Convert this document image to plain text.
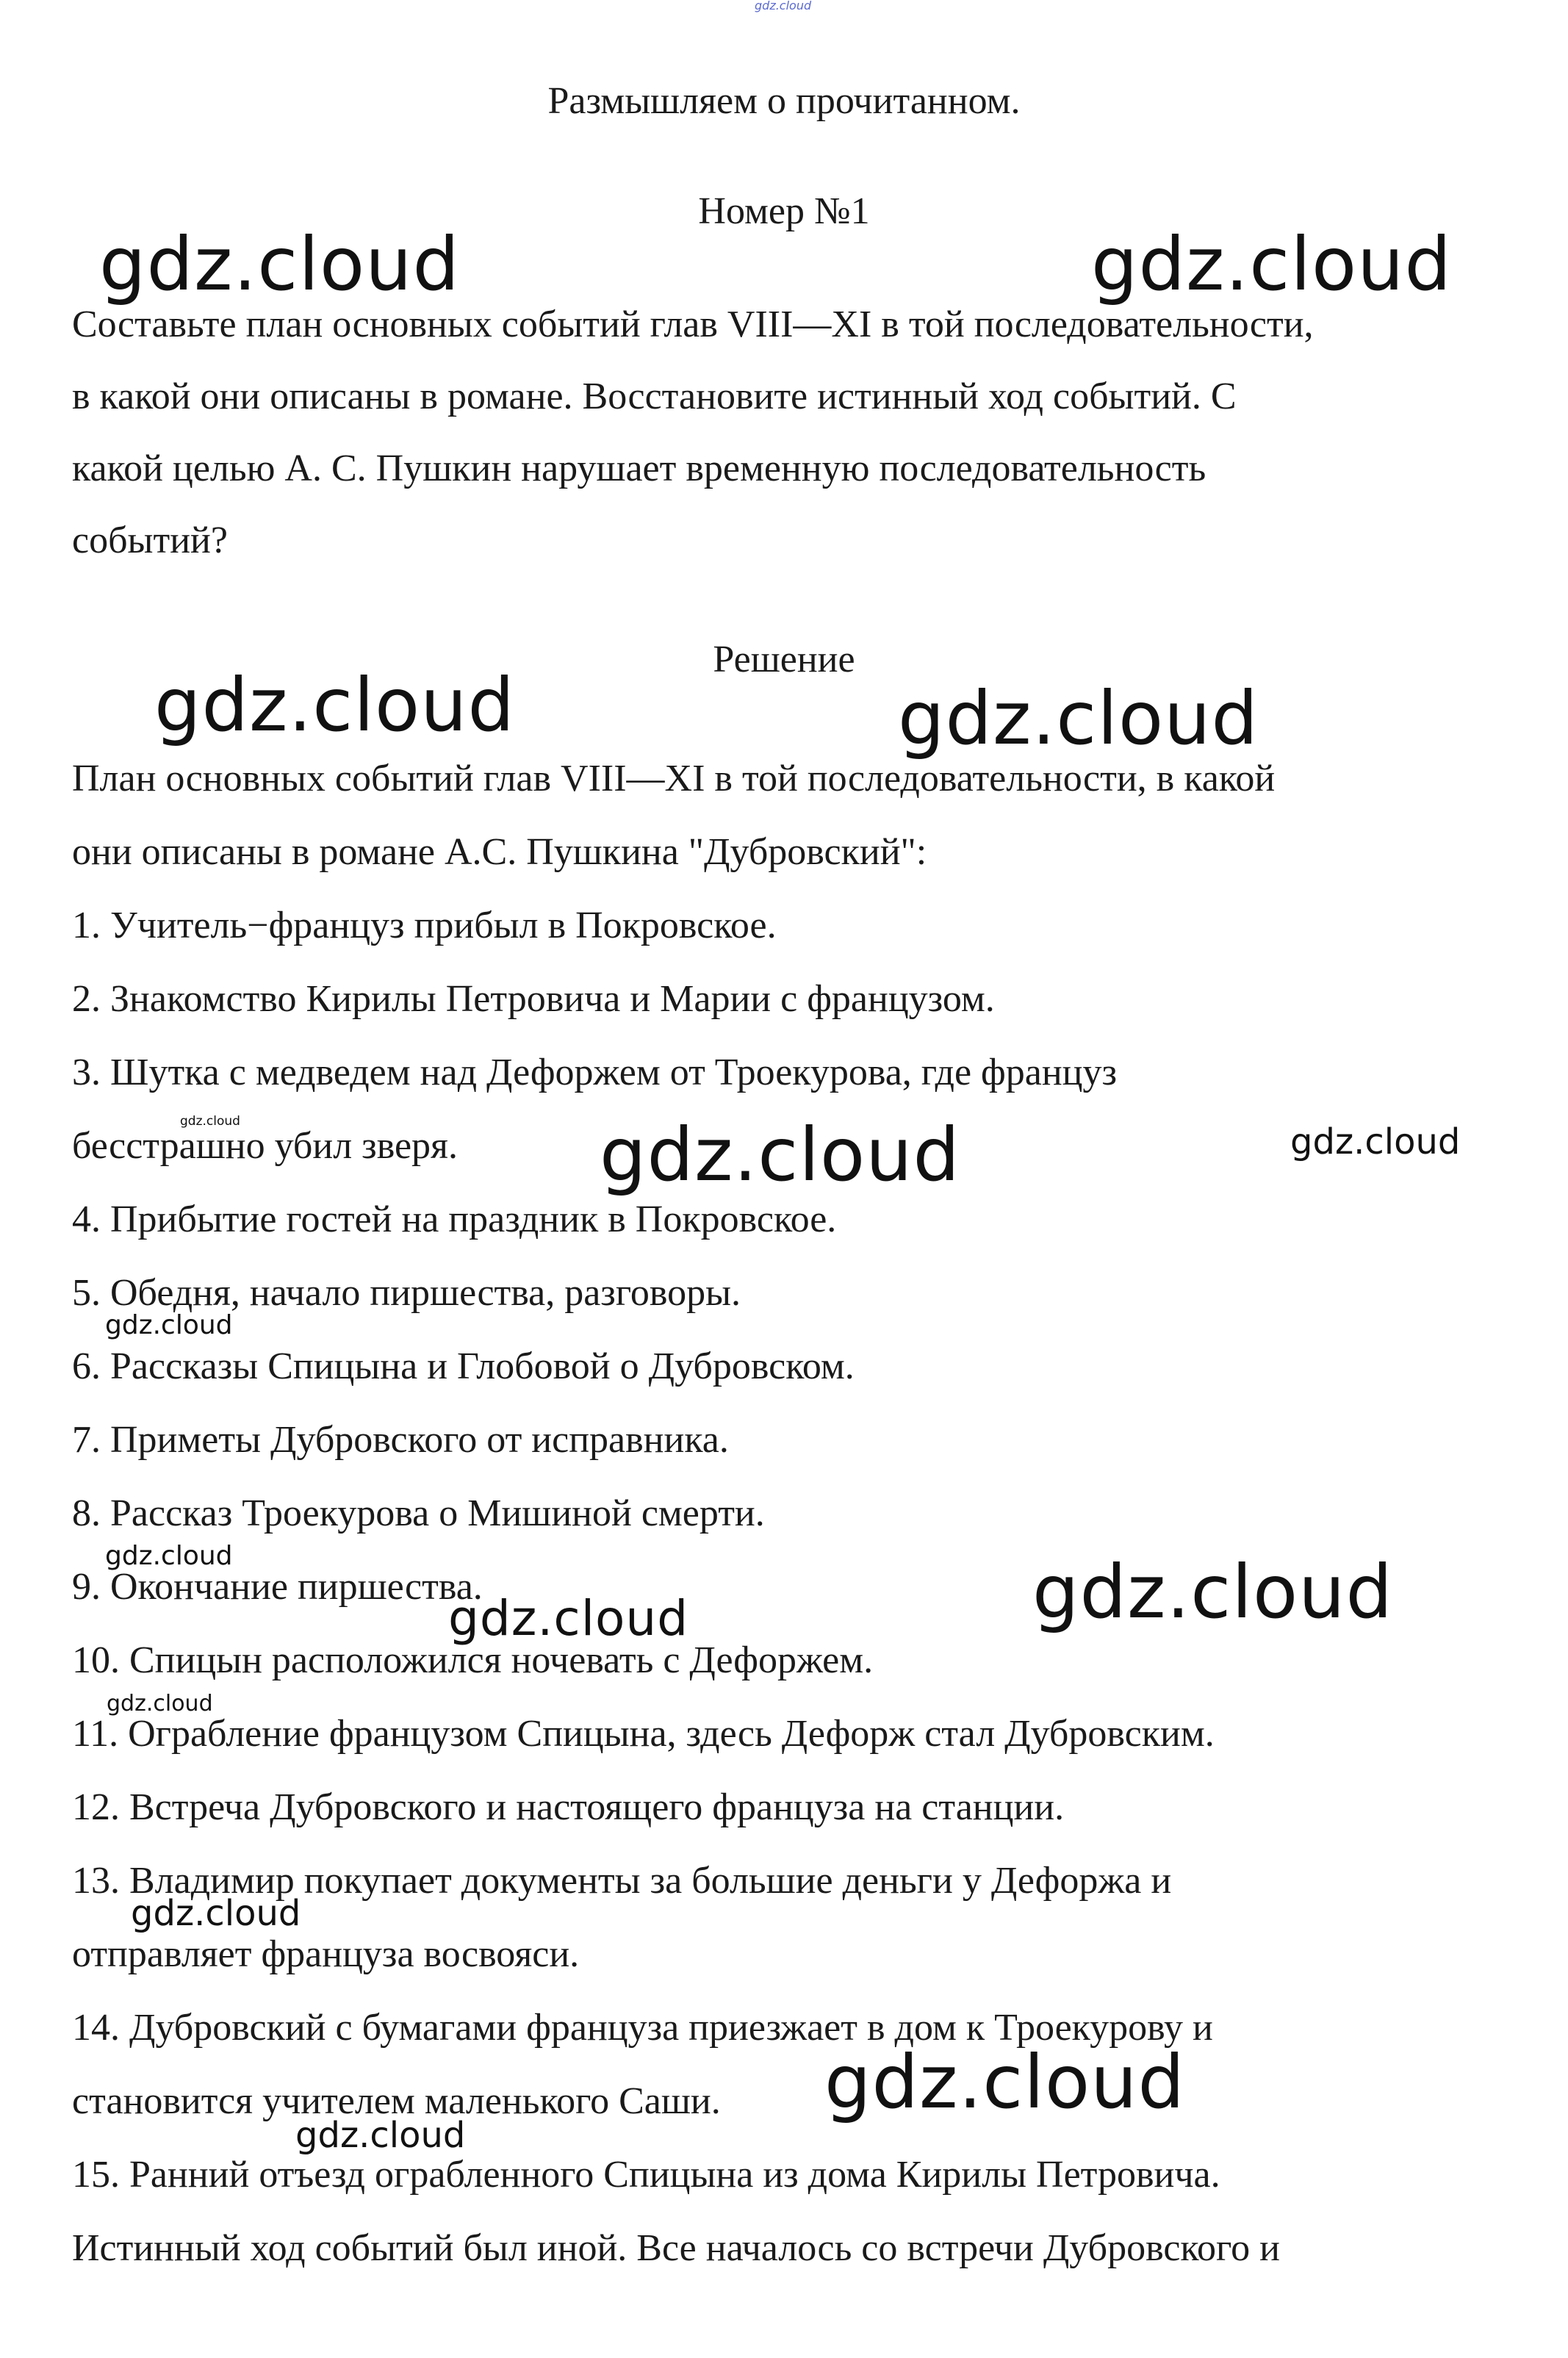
gdz.cloud
Размышляем о прочитанном.
Номер №1
Составьте план основных событий глав VIII—XI в той последовательности,
в какой они описаны в романе. Восстановите истинный ход событий. С
какой целью А. С. Пушкин нарушает временную последовательность
событий?
Решение
План основных событий глав VIII—XI в той последовательности, в какой
они описаны в романе А.С. Пушкина "Дубровский":
1. Учитель−француз прибыл в Покровское.
2. Знакомство Кирилы Петровича и Марии с французом.
3. Шутка с медведем над Дефоржем от Троекурова, где француз
бесстрашно убил зверя.
4. Прибытие гостей на праздник в Покровское.
5. Обедня, начало пиршества, разговоры.
6. Рассказы Спицына и Глобовой о Дубровском.
7. Приметы Дубровского от исправника.
8. Рассказ Троекурова о Мишиной смерти.
9. Окончание пиршества.
10. Спицын расположился ночевать с Дефоржем.
11. Ограбление французом Спицына, здесь Дефорж стал Дубровским.
12. Встреча Дубровского и настоящего француза на станции.
13. Владимир покупает документы за большие деньги у Дефоржа и
отправляет француза восвояси.
14. Дубровский с бумагами француза приезжает в дом к Троекурову и
становится учителем маленького Саши.
15. Ранний отъезд ограбленного Спицына из дома Кирилы Петровича.
Истинный ход событий был иной. Все началось со встречи Дубровского и
gdz.cloud	gdz.cloud
gdz.cloud	gdz.cloud
gdz.cloud	gdz.cloud	gdz.cloud
gdz.cloud
gdz.cloud	gdz.cloud
gdz.cloud
gdz.cloud
gdz.cloud
gdz.cloud
gdz.cloud
